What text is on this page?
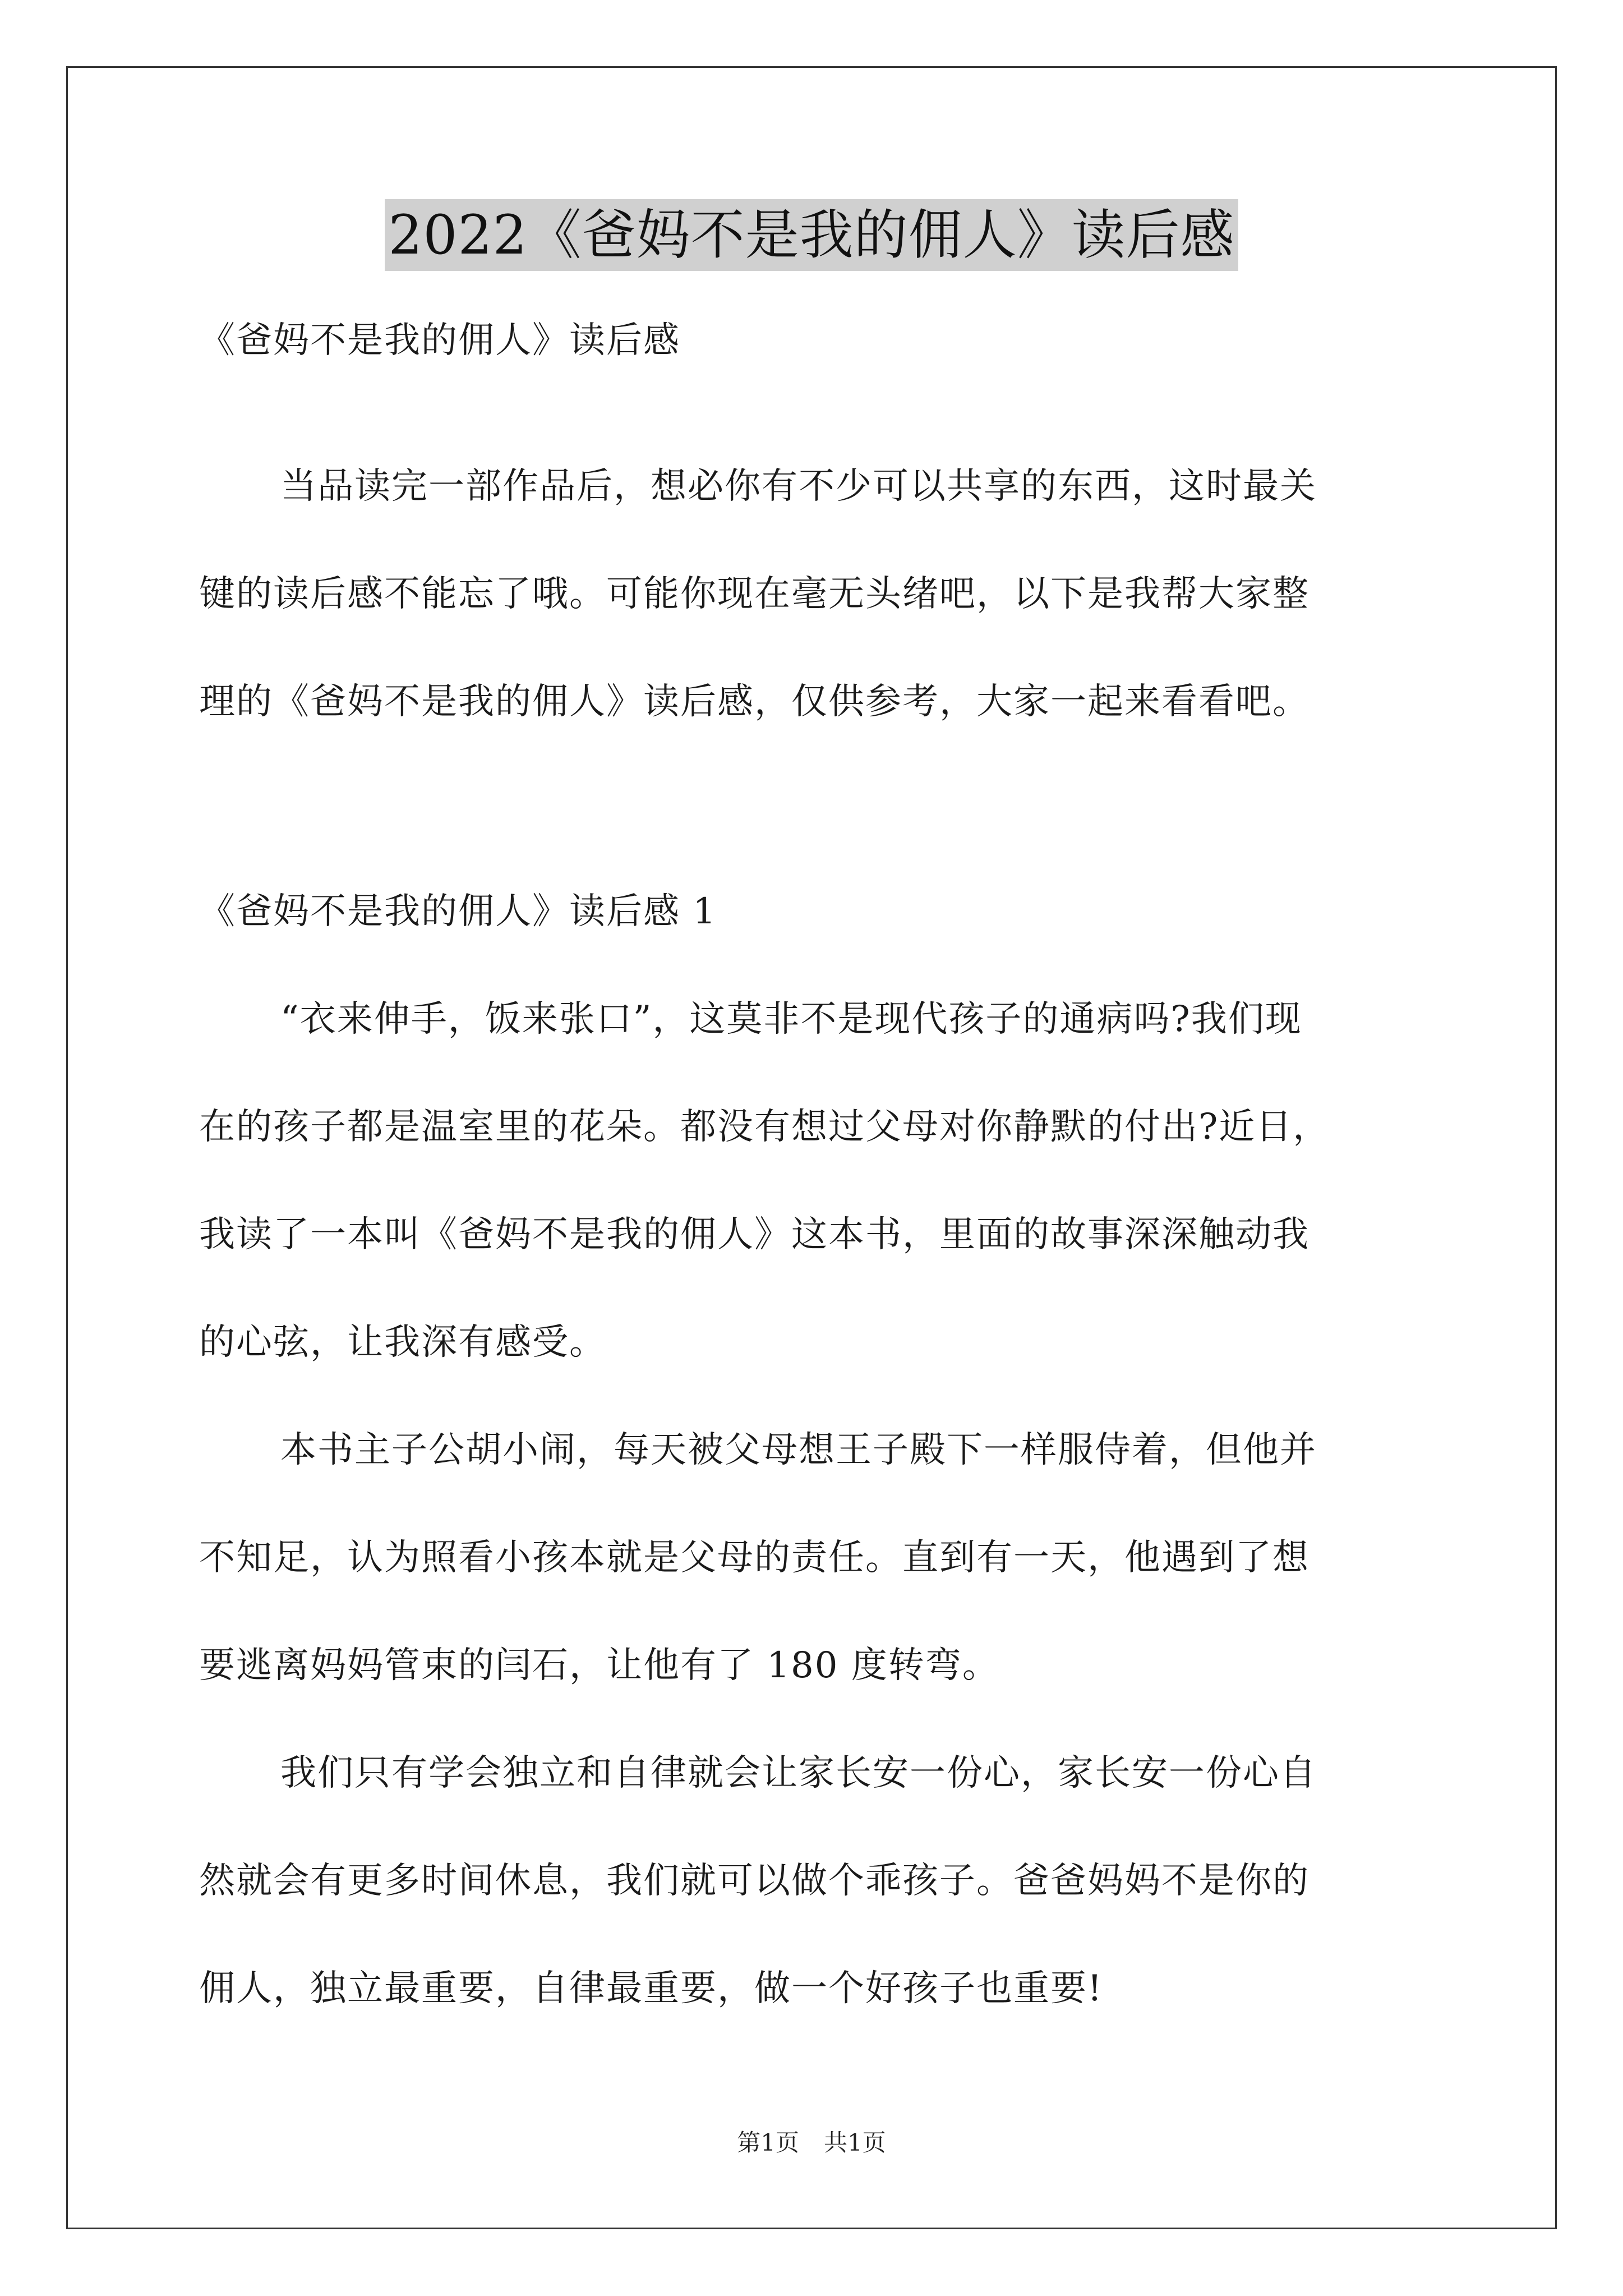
2022《爸妈不是我的佣人》读后感
《爸妈不是我的佣人》读后感
当品读完一部作品后，想必你有不少可以共享的东西，这时最关
键的读后感不能忘了哦。可能你现在毫无头绪吧，以下是我帮大家整
理的《爸妈不是我的佣人》读后感，仅供参考，大家一起来看看吧。
《爸妈不是我的佣人》读后感 1
“衣来伸手，饭来张口”，这莫非不是现代孩子的通病吗?我们现
在的孩子都是温室里的花朵。都没有想过父母对你静默的付出?近日，
我读了一本叫《爸妈不是我的佣人》这本书，里面的故事深深触动我
的心弦，让我深有感受。
本书主子公胡小闹，每天被父母想王子殿下一样服侍着，但他并
不知足，认为照看小孩本就是父母的责任。直到有一天，他遇到了想
要逃离妈妈管束的闫石，让他有了 180 度转弯。
我们只有学会独立和自律就会让家长安一份心，家长安一份心自
然就会有更多时间休息，我们就可以做个乖孩子。爸爸妈妈不是你的
佣人，独立最重要，自律最重要，做一个好孩子也重要!
第1页 共1页
